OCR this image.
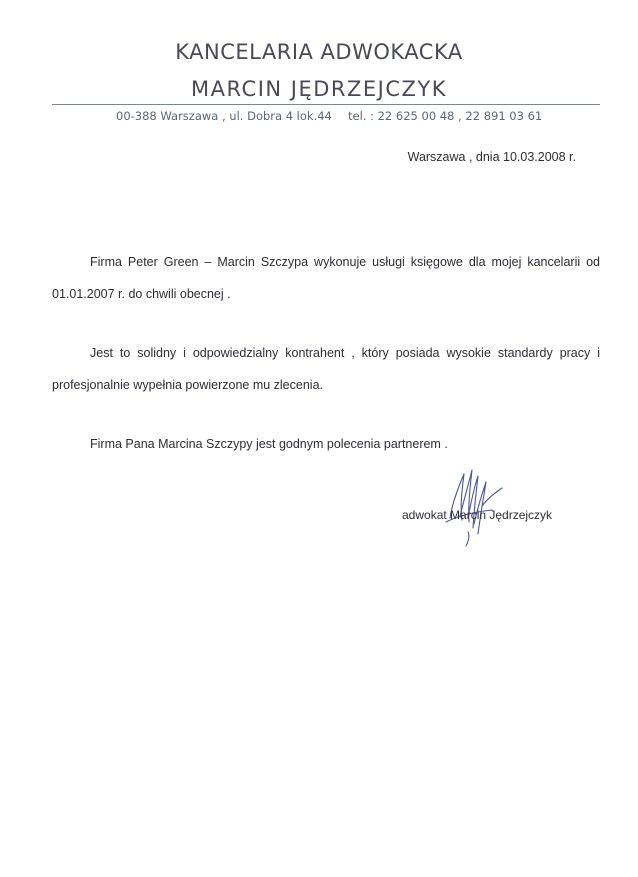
KANCELARIA ADWOKACKA
MARCIN JĘDRZEJCZYK
00-388 Warszawa , ul. Dobra 4 lok.44 tel. : 22 625 00 48 , 22 891 03 61
Warszawa , dnia 10.03.2008 r.

Firma Peter Green – Marcin Szczypa wykonuje usługi księgowe dla mojej kancelarii od 01.01.2007 r. do chwili obecnej .

Jest to solidny i odpowiedzialny kontrahent , który posiada wysokie standardy pracy i profesjonalnie wypełnia powierzone mu zlecenia.

Firma Pana Marcina Szczypy jest godnym polecenia partnerem .

adwokat Marcin Jędrzejczyk
